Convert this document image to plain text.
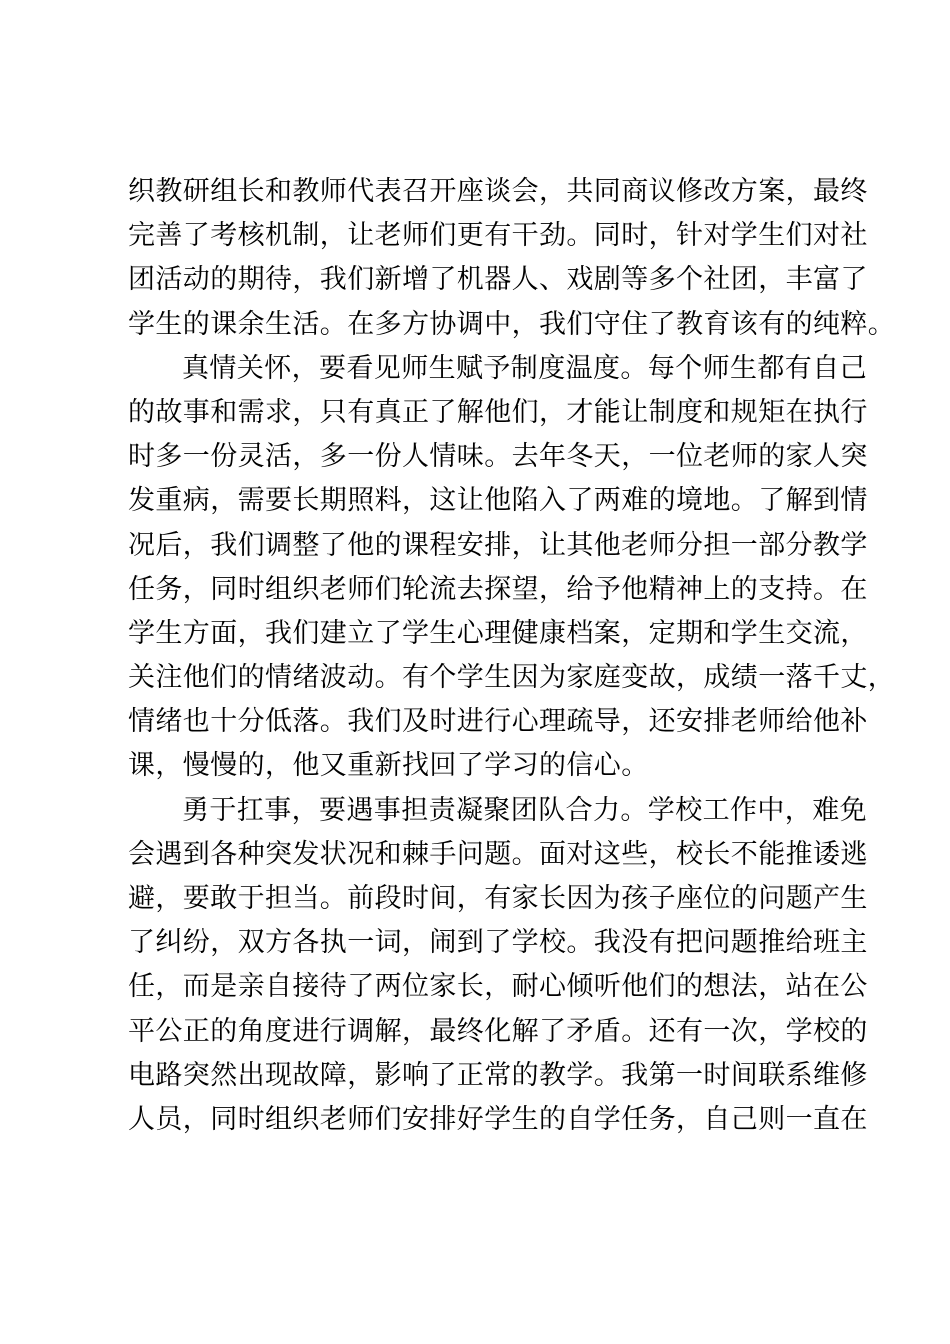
织教研组长和教师代表召开座谈会，共同商议修改方案，最终
完善了考核机制，让老师们更有干劲。同时，针对学生们对社
团活动的期待，我们新增了机器人、戏剧等多个社团，丰富了
学生的课余生活。在多方协调中，我们守住了教育该有的纯粹。
真情关怀，要看见师生赋予制度温度。每个师生都有自己
的故事和需求，只有真正了解他们，才能让制度和规矩在执行
时多一份灵活，多一份人情味。去年冬天，一位老师的家人突
发重病，需要长期照料，这让他陷入了两难的境地。了解到情
况后，我们调整了他的课程安排，让其他老师分担一部分教学
任务，同时组织老师们轮流去探望，给予他精神上的支持。在
学生方面，我们建立了学生心理健康档案，定期和学生交流，
关注他们的情绪波动。有个学生因为家庭变故，成绩一落千丈，
情绪也十分低落。我们及时进行心理疏导，还安排老师给他补
课，慢慢的，他又重新找回了学习的信心。
勇于扛事，要遇事担责凝聚团队合力。学校工作中，难免
会遇到各种突发状况和棘手问题。面对这些，校长不能推诿逃
避，要敢于担当。前段时间，有家长因为孩子座位的问题产生
了纠纷，双方各执一词，闹到了学校。我没有把问题推给班主
任，而是亲自接待了两位家长，耐心倾听他们的想法，站在公
平公正的角度进行调解，最终化解了矛盾。还有一次，学校的
电路突然出现故障，影响了正常的教学。我第一时间联系维修
人员，同时组织老师们安排好学生的自学任务，自己则一直在
